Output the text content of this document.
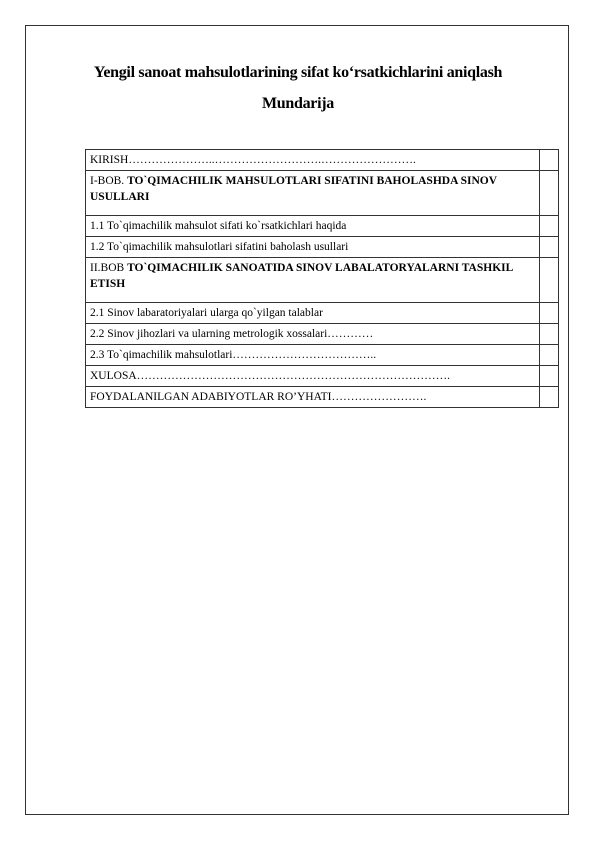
Yengil sanoat mahsulotlarining sifat ko‘rsatkichlarini aniqlash
Mundarija
KIRISH…………………..……………………….…………………….	
I-BOB. TO`QIMACHILIK MAHSULOTLARI SIFATINI BAHOLASHDA SINOV USULLARI	
1.1 To`qimachilik mahsulot sifati ko`rsatkichlari haqida	
1.2 To`qimachilik mahsulotlari sifatini baholash usullari	
II.BOB TO`QIMACHILIK SANOATIDA SINOV LABALATORYALARNI TASHKIL ETISH	
2.1 Sinov labaratoriyalari ularga qo`yilgan talablar	
2.2 Sinov jihozlari va ularning metrologik xossalari…………	
2.3 To`qimachilik mahsulotlari………………………………..	
XULOSA……………………………………………………………………….	
FOYDALANILGAN ADABIYOTLAR RO’YHATI…………………….	
